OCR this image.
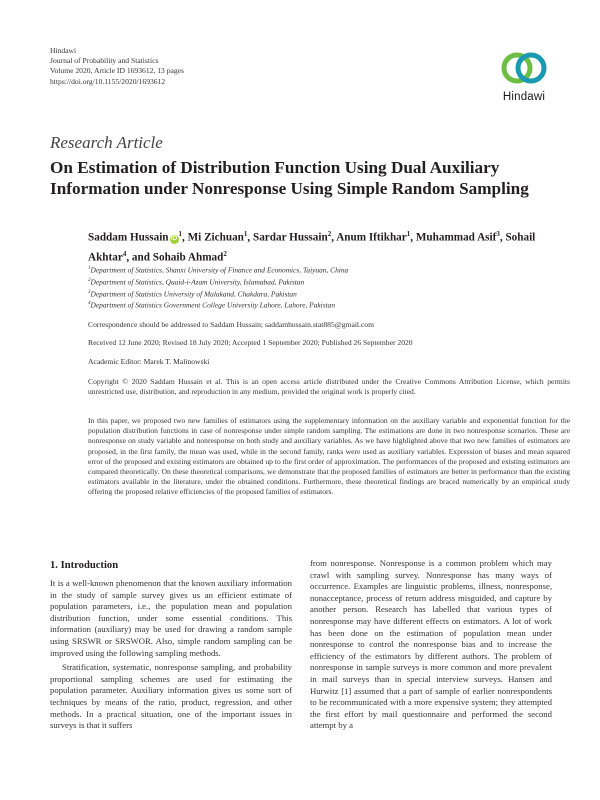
Hindawi
Journal of Probability and Statistics
Volume 2020, Article ID 1693612, 13 pages
https://doi.org/10.1155/2020/1693612
Hindawi
Research Article
On Estimation of Distribution Function Using Dual Auxiliary Information under Nonresponse Using Simple Random Sampling
Saddam Hussain $iD^1$, Mi Zichuan$^1$, Sardar Hussain$^2$, Anum Iftikhar$^1$, Muhammad Asif$^3$, Sohail Akhtar$^4$, and Sohaib Ahmad$^2$
$^1$Department of Statistics, Shanxi University of Finance and Economics, Taiyuan, China
$^2$Department of Statistics, Quaid-i-Azam University, Islamabad, Pakistan
$^3$Department of Statistics University of Malakand, Chakdara, Pakistan
$^4$Department of Statistics Government College University Lahore, Lahore, Pakistan
Correspondence should be addressed to Saddam Hussain; saddamhussain.stat885@gmail.com
Received 12 June 2020; Revised 18 July 2020; Accepted 1 September 2020; Published 26 September 2020
Academic Editor: Marek T. Malinowski
Copyright © 2020 Saddam Hussain et al. This is an open access article distributed under the Creative Commons Attribution License, which permits unrestricted use, distribution, and reproduction in any medium, provided the original work is properly cited.
In this paper, we proposed two new families of estimators using the supplementary information on the auxiliary variable and exponential function for the population distribution functions in case of nonresponse under simple random sampling. The estimations are done in two nonresponse scenarios. These are nonresponse on study variable and nonresponse on both study and auxiliary variables. As we have highlighted above that two new families of estimators are proposed, in the first family, the mean was used, while in the second family, ranks were used as auxiliary variables. Expression of biases and mean squared error of the proposed and existing estimators are obtained up to the first order of approximation. The performances of the proposed and existing estimators are compared theoretically. On these theoretical comparisons, we demonstrate that the proposed families of estimators are better in performance than the existing estimators available in the literature, under the obtained conditions. Furthermore, these theoretical findings are braced numerically by an empirical study offering the proposed relative efficiencies of the proposed families of estimators.
1. Introduction

It is a well-known phenomenon that the known auxiliary information in the study of sample survey gives us an efficient estimate of population parameters, i.e., the population mean and population distribution function, under some essential conditions. This information (auxiliary) may be used for drawing a random sample using SRSWR or SRSWOR. Also, simple random sampling can be improved using the following sampling methods.

Stratification, systematic, nonresponse sampling, and probability proportional sampling schemes are used for estimating the population parameter. Auxiliary information gives us some sort of techniques by means of the ratio, product, regression, and other methods. In a practical situation, one of the important issues in surveys is that it suffers

from nonresponse. Nonresponse is a common problem which may crawl with sampling survey. Nonresponse has many ways of occurrence. Examples are linguistic problems, illness, nonresponse, nonacceptance, process of return address misguided, and capture by another person. Research has labelled that various types of nonresponse may have different effects on estimators. A lot of work has been done on the estimation of population mean under nonresponse to control the nonresponse bias and to increase the efficiency of the estimators by different authors. The problem of nonresponse in sample surveys is more common and more prevalent in mail surveys than in special interview surveys. Hansen and Hurwitz [1] assumed that a part of sample of earlier nonrespondents to be recommunicated with a more expensive system; they attempted the first effort by mail questionnaire and performed the second attempt by a
